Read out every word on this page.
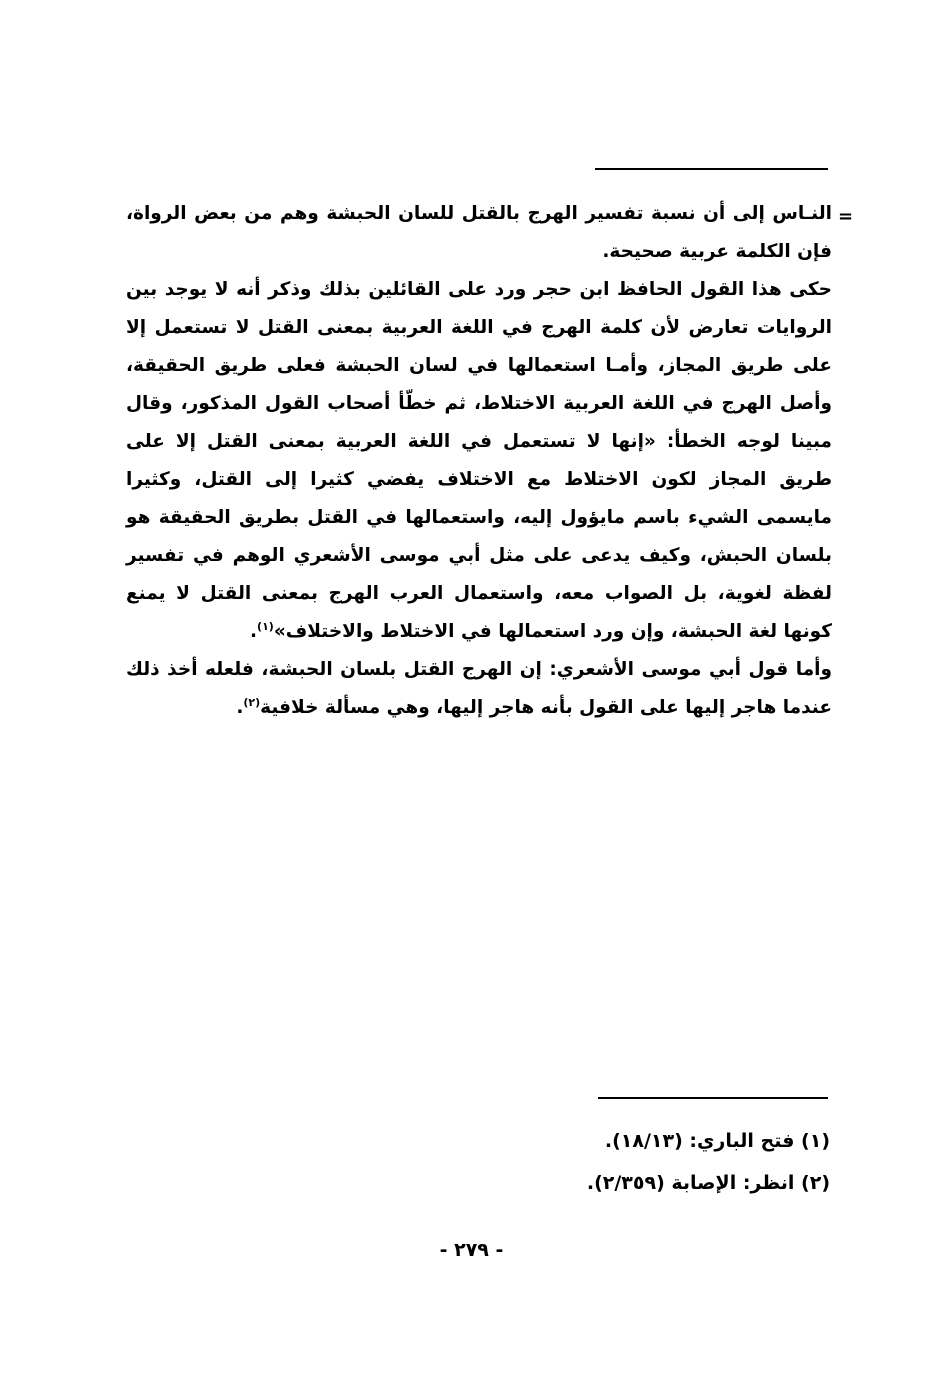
=

النـاس إلى أن نسبة تفسير الهرج بالقتل للسان الحبشة وهم من بعض الرواة، فإن الكلمة عربية صحيحة.

حكى هذا القول الحافظ ابن حجر ورد على القائلين بذلك وذكر أنه لا يوجد بين الروايات تعارض لأن كلمة الهرج في اللغة العربية بمعنى القتل لا تستعمل إلا على طريق المجاز، وأمـا استعمالها في لسان الحبشة فعلى طريق الحقيقة، وأصل الهرج في اللغة العربية الاختلاط، ثم خطّأ أصحاب القول المذكور، وقال مبينا لوجه الخطأ: «إنها لا تستعمل في اللغة العربية بمعنى القتل إلا على طريق المجاز لكون الاختلاط مع الاختلاف يفضي كثيرا إلى القتل، وكثيرا مايسمى الشيء باسم مايؤول إليه، واستعمالها في القتل بطريق الحقيقة هو بلسان الحبش، وكيف يدعى على مثل أبي موسى الأشعري الوهم في تفسير لفظة لغوية، بل الصواب معه، واستعمال العرب الهرج بمعنى القتل لا يمنع كونها لغة الحبشة، وإن ورد استعمالها في الاختلاط والاختلاف»$^{(١)}$.

وأما قول أبي موسى الأشعري: إن الهرج القتل بلسان الحبشة، فلعله أخذ ذلك عندما هاجر إليها على القول بأنه هاجر إليها، وهي مسألة خلافية$^{(٢)}$.

(١) فتح الباري: (١٨/١٣).
(٢) انظر: الإصابة (٢/٣٥٩).
- ٢٧٩ -
